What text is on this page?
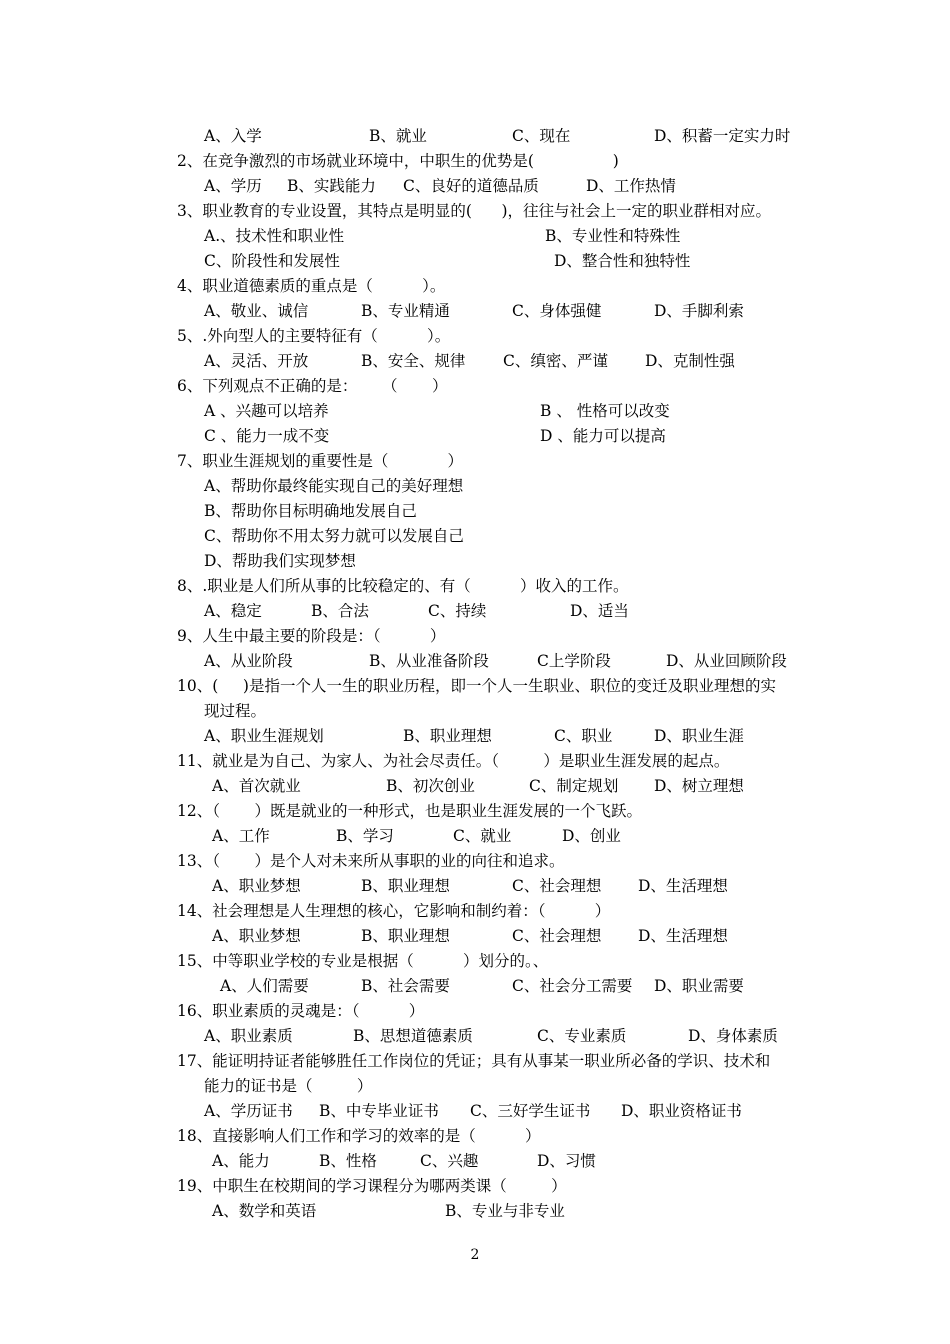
A、入学	B、就业	C、现在	D、积蓄一定实力时
2、在竞争激烈的市场就业环境中，中职生的优势是(                )
A、学历 B、实践能力 C、良好的道德品质	D、工作热情
3、职业教育的专业设置，其特点是明显的(      )，往往与社会上一定的职业群相对应。
A.、技术性和职业性	B、专业性和特殊性
C、阶段性和发展性	D、整合性和独特性
4、职业道德素质的重点是（          ）。
A、敬业、诚信	B、专业精通	C、身体强健	D、手脚利索
5、.外向型人的主要特征有（          ）。
A、灵活、开放	B、安全、规律 C、缜密、严谨 D、克制性强
6、下列观点不正确的是：     （       ）
A 、兴趣可以培养	B 、 性格可以改变
C 、能力一成不变	D 、能力可以提高
7、职业生涯规划的重要性是（            ）
A、帮助你最终能实现自己的美好理想
B、帮助你目标明确地发展自己
C、帮助你不用太努力就可以发展自己
D、帮助我们实现梦想
8、.职业是人们所从事的比较稳定的、有（          ）收入的工作。
A、稳定	B、合法	C、持续	D、适当
9、人生中最主要的阶段是：（          ）
A、从业阶段	B、从业准备阶段	C上学阶段	D、从业回顾阶段
10、(     )是指一个人一生的职业历程，即一个人一生职业、职位的变迁及职业理想的实
现过程。
A、职业生涯规划	B、职业理想	C、职业	D、职业生涯
11、就业是为自己、为家人、为社会尽责任。（         ）是职业生涯发展的起点。
A、首次就业	B、初次创业	C、制定规划 D、树立理想
12、（       ）既是就业的一种形式，也是职业生涯发展的一个飞跃。
A、工作	B、学习	C、就业	D、创业
13、（       ）是个人对未来所从事职的业的向往和追求。
A、职业梦想	B、职业理想	C、社会理想 D、生活理想
14、社会理想是人生理想的核心，它影响和制约着：（          ）
A、职业梦想	B、职业理想	C、社会理想 D、生活理想
15、中等职业学校的专业是根据（          ）划分的。、
A、人们需要	B、社会需要	C、社会分工需要 D、职业需要
16、职业素质的灵魂是：（          ）
A、职业素质	B、思想道德素质	C、专业素质	D、身体素质
17、能证明持证者能够胜任工作岗位的凭证；具有从事某一职业所必备的学识、技术和
能力的证书是（         ）
A、学历证书 B、中专毕业证书 C、三好学生证书 D、职业资格证书
18、直接影响人们工作和学习的效率的是（          ）
A、能力	B、性格	C、兴趣	D、习惯
19、中职生在校期间的学习课程分为哪两类课（         ）
A、数学和英语	B、专业与非专业
2
